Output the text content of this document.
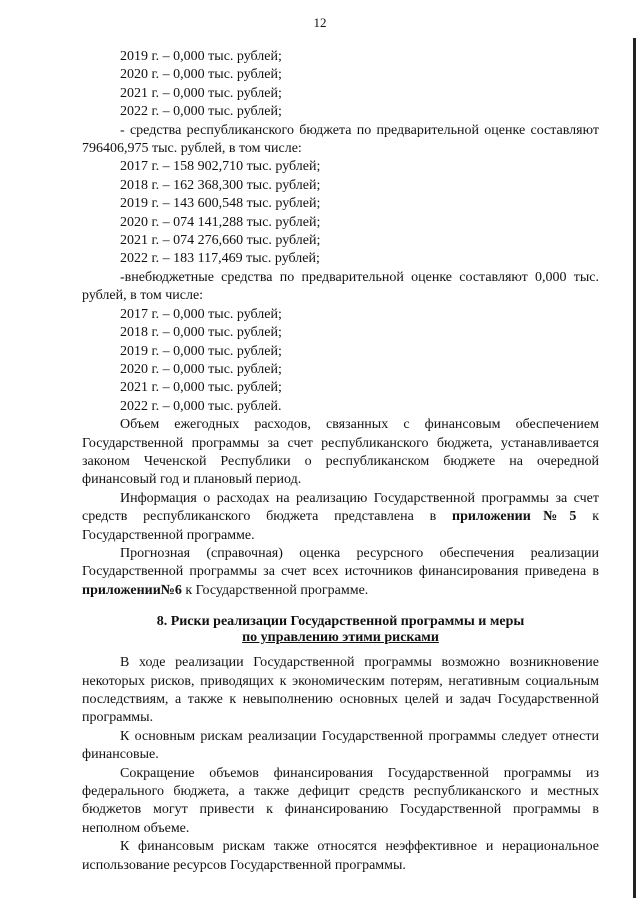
12
2019 г. – 0,000 тыс. рублей;
2020 г. – 0,000 тыс. рублей;
2021 г. – 0,000 тыс. рублей;
2022 г. – 0,000 тыс. рублей;
- средства республиканского бюджета по предварительной оценке составляют 796406,975 тыс. рублей, в том числе:
2017 г. – 158 902,710 тыс. рублей;
2018 г. – 162 368,300 тыс. рублей;
2019 г. – 143 600,548 тыс. рублей;
2020 г. – 074 141,288 тыс. рублей;
2021 г. – 074 276,660 тыс. рублей;
2022 г. – 183 117,469 тыс. рублей;
-внебюджетные средства по предварительной оценке составляют 0,000 тыс. рублей, в том числе:
2017 г. – 0,000 тыс. рублей;
2018 г. – 0,000 тыс. рублей;
2019 г. – 0,000 тыс. рублей;
2020 г. – 0,000 тыс. рублей;
2021 г. – 0,000 тыс. рублей;
2022 г. – 0,000 тыс. рублей.
Объем ежегодных расходов, связанных с финансовым обеспечением Государственной программы за счет республиканского бюджета, устанавливается законом Чеченской Республики о республиканском бюджете на очередной финансовый год и плановый период.
Информация о расходах на реализацию Государственной программы за счет средств республиканского бюджета представлена в приложении№5 к Государственной программе.
Прогнозная (справочная) оценка ресурсного обеспечения реализации Государственной программы за счет всех источников финансирования приведена в приложении№6 к Государственной программе.
8. Риски реализации Государственной программы и меры
по управлению этими рисками
В ходе реализации Государственной программы возможно возникновение некоторых рисков, приводящих к экономическим потерям, негативным социальным последствиям, а также к невыполнению основных целей и задач Государственной программы.
К основным рискам реализации Государственной программы следует отнести финансовые.
Сокращение объемов финансирования Государственной программы из федерального бюджета, а также дефицит средств республиканского и местных бюджетов могут привести к финансированию Государственной программы в неполном объеме.
К финансовым рискам также относятся неэффективное и нерациональное использование ресурсов Государственной программы.
